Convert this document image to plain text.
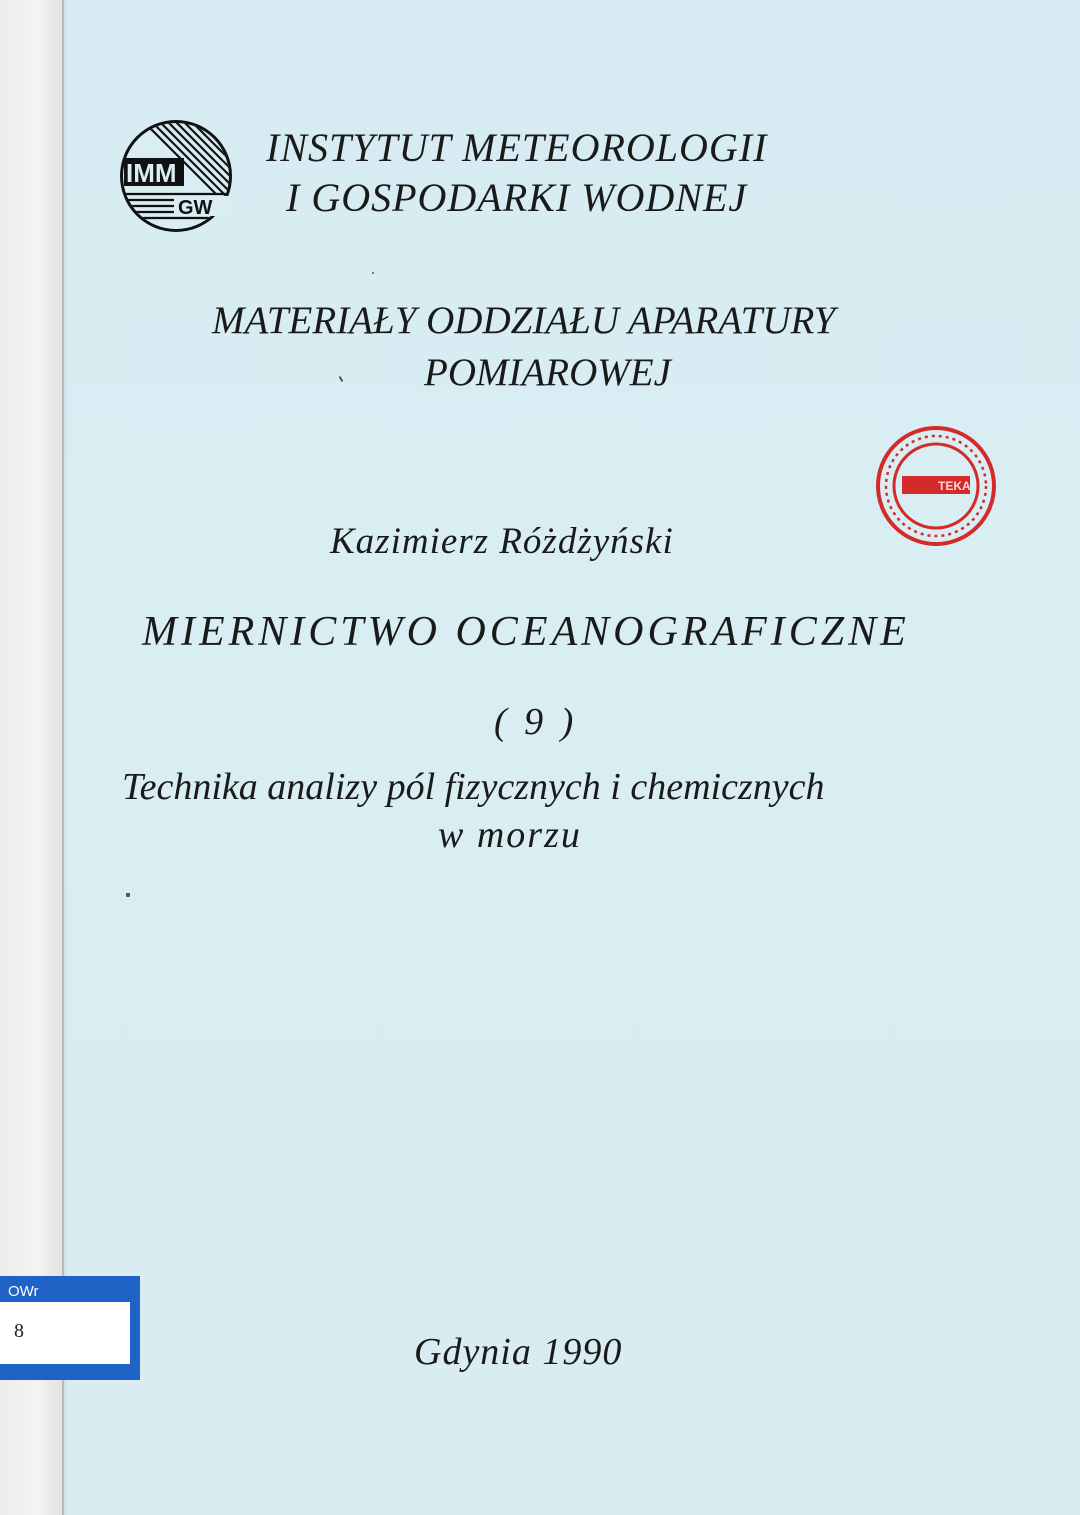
IMM
GW
INSTYTUT METEOROLOGII
I GOSPODARKI WODNEJ
MATERIAŁY ODDZIAŁU APARATURY
POMIAROWEJ
TEKA
Kazimierz Różdżyński
MIERNICTWO OCEANOGRAFICZNE
( 9 )
Technika analizy pól fizycznych i chemicznych
w morzu
Gdynia 1990
OWr
8
